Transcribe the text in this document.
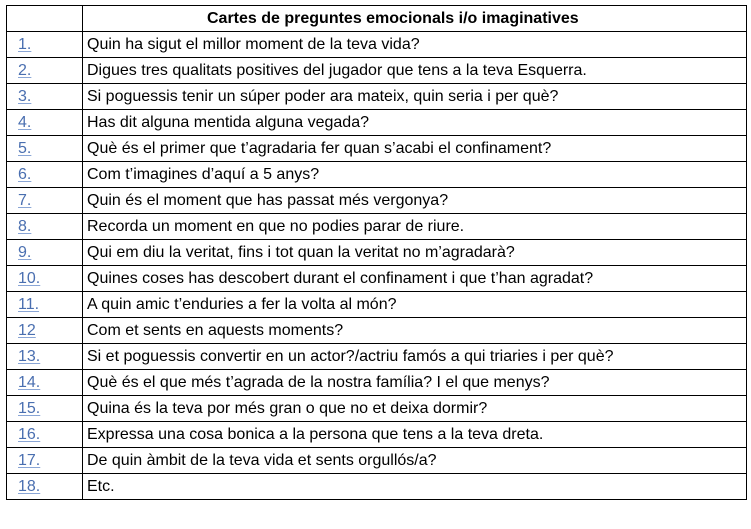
	Cartes de preguntes emocionals i/o imaginatives
1.	Quin ha sigut el millor moment de la teva vida?
2.	Digues tres qualitats positives del jugador que tens a la teva Esquerra.
3.	Si poguessis tenir un súper poder ara mateix, quin seria i per què?
4.	Has dit alguna mentida alguna vegada?
5.	Què és el primer que t’agradaria fer quan s’acabi el confinament?
6.	Com t’imagines d’aquí a 5 anys?
7.	Quin és el moment que has passat més vergonya?
8.	Recorda un moment en que no podies parar de riure.
9.	Qui em diu la veritat, fins i tot quan la veritat no m’agradarà?
10.	Quines coses has descobert durant el confinament i que t’han agradat?
11.	A quin amic t’enduries a fer la volta al món?
12	Com et sents en aquests moments?
13.	Si et poguessis convertir en un actor?/actriu famós a qui triaries i per què?
14.	Què és el que més t’agrada de la nostra família? I el que menys?
15.	Quina és la teva por més gran o que no et deixa dormir?
16.	Expressa una cosa bonica a la persona que tens a la teva dreta.
17.	De quin àmbit de la teva vida et sents orgullós/a?
18.	Etc.
